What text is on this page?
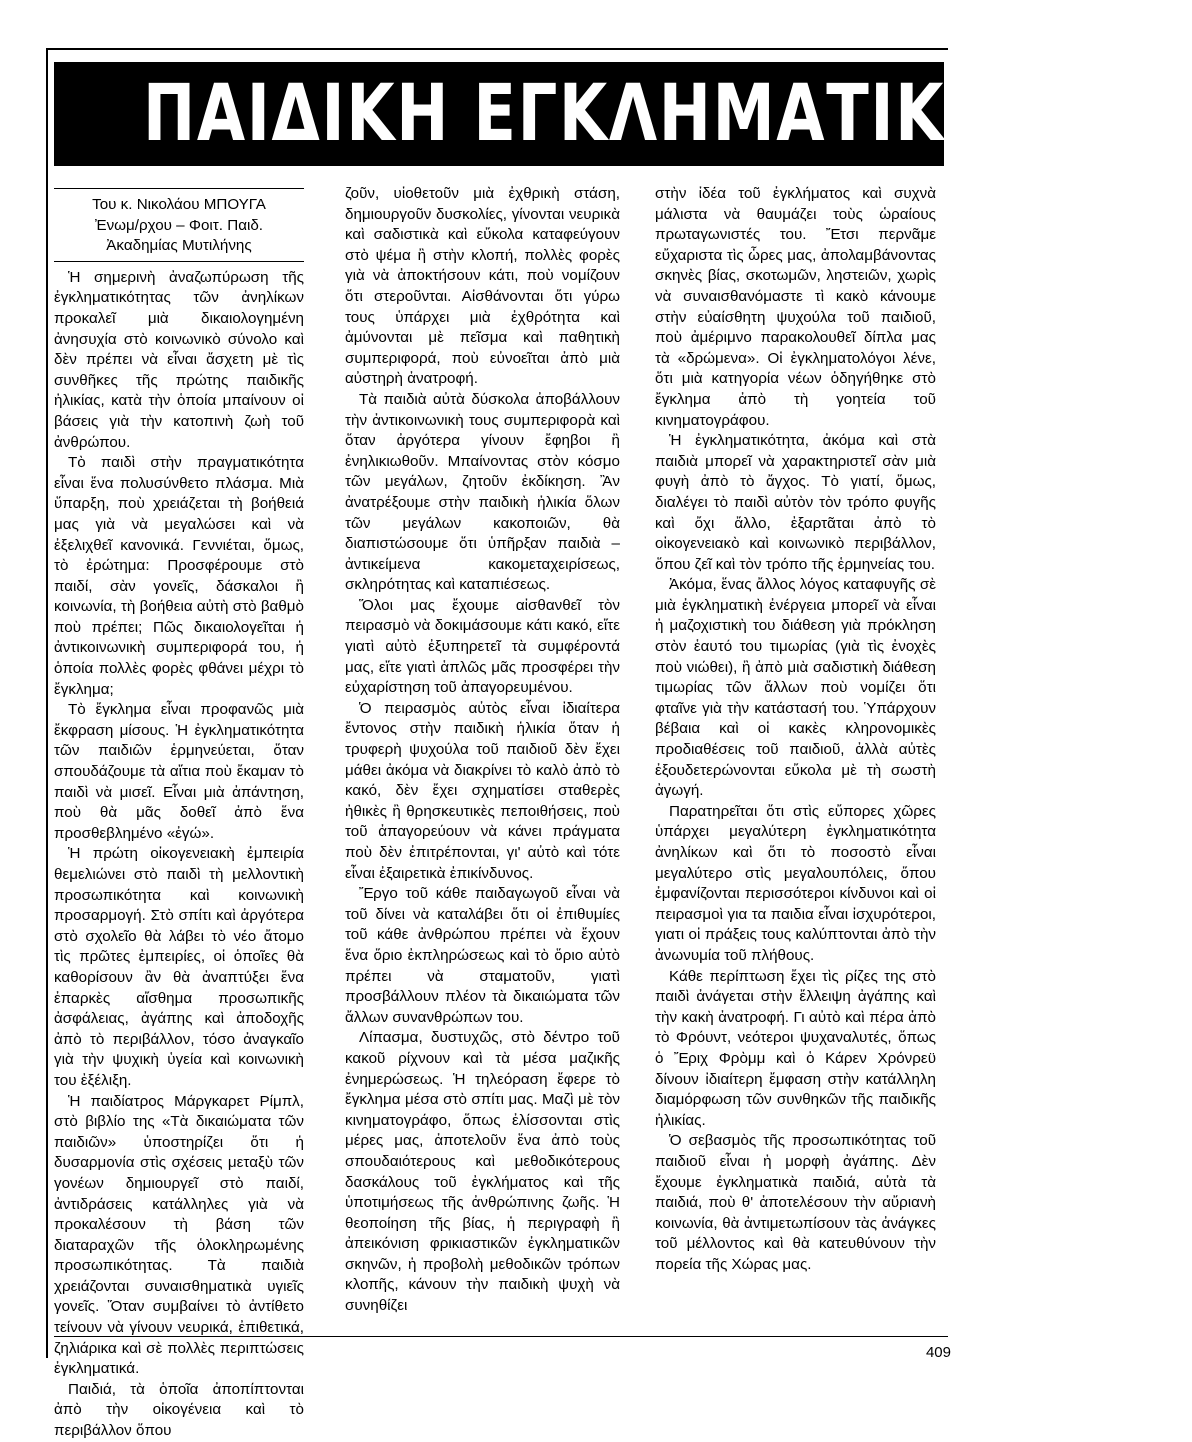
ΠΑΙΔΙΚΗ ΕΓΚΛΗΜΑΤΙΚΟΤΗΤΑ

Του κ. Νικολάου ΜΠΟΥΓΑ

Ἐνωμ/ρχου – Φοιτ. Παιδ.

Ἀκαδημίας Μυτιλήνης

Ἡ σημερινὴ ἀναζωπύρωση τῆς ἐγκληματικότητας τῶν ἀνηλίκων προκαλεῖ μιὰ δικαιολογημένη ἀνησυχία στὸ κοινωνικὸ σύνολο καὶ δὲν πρέπει νὰ εἶναι ἄσχετη μὲ τὶς συνθῆκες τῆς πρώτης παιδικῆς ἡλικίας, κατὰ τὴν ὁποία μπαίνουν οἱ βάσεις γιὰ τὴν κατοπινὴ ζωὴ τοῦ ἀνθρώπου.

Τὸ παιδὶ στὴν πραγματικότητα εἶναι ἕνα πολυσύνθετο πλάσμα. Μιὰ ὕπαρξη, ποὺ χρειάζεται τὴ βοήθειά μας γιὰ νὰ μεγαλώσει καὶ νὰ ἐξελιχθεῖ κανονικά. Γεννιέται, ὅμως, τὸ ἐρώτημα: Προσφέρουμε στὸ παιδί, σὰν γονεῖς, δάσκαλοι ἢ κοινωνία, τὴ βοήθεια αὐτὴ στὸ βαθμὸ ποὺ πρέπει; Πῶς δικαιολογεῖται ἡ ἀντικοινωνικὴ συμπεριφορά του, ἡ ὁποία πολλὲς φορὲς φθάνει μέχρι τὸ ἔγκλημα;

Τὸ ἔγκλημα εἶναι προφανῶς μιὰ ἔκφραση μίσους. Ἡ ἐγκληματικότητα τῶν παιδιῶν ἑρμηνεύεται, ὅταν σπουδάζουμε τὰ αἴτια ποὺ ἔκαμαν τὸ παιδὶ νὰ μισεῖ. Εἶναι μιὰ ἀπάντηση, ποὺ θὰ μᾶς δοθεῖ ἀπὸ ἕνα προσθεβλημένο «ἐγώ».

Ἡ πρώτη οἰκογενειακὴ ἐμπειρία θεμελιώνει στὸ παιδὶ τὴ μελλοντικὴ προσωπικότητα καὶ κοινωνικὴ προσαρμογή. Στὸ σπίτι καὶ ἀργότερα στὸ σχολεῖο θὰ λάβει τὸ νέο ἄτομο τὶς πρῶτες ἐμπειρίες, οἱ ὁποῖες θὰ καθορίσουν ἂν θὰ ἀναπτύξει ἕνα ἐπαρκὲς αἴσθημα προσωπικῆς ἀσφάλειας, ἀγάπης καὶ ἀποδοχῆς ἀπὸ τὸ περιβάλλον, τόσο ἀναγκαῖο γιὰ τὴν ψυχικὴ ὑγεία καὶ κοινωνικὴ του ἐξέλιξη.

Ἡ παιδίατρος Μάργκαρετ Ρίμπλ, στὸ βιβλίο της «Τὰ δικαιώματα τῶν παιδιῶν» ὑποστηρίζει ὅτι ἡ δυσαρμονία στὶς σχέσεις μεταξὺ τῶν γονέων δημιουργεῖ στὸ παιδί, ἀντιδράσεις κατάλληλες γιὰ νὰ προκαλέσουν τὴ βάση τῶν διαταραχῶν τῆς ὁλοκληρωμένης προσωπικότητας. Τὰ παιδιὰ χρειάζονται συναισθηματικὰ υγιεῖς γονεῖς. Ὅταν συμβαίνει τὸ ἀντίθετο τείνουν νὰ γίνουν νευρικά, ἐπιθετικά, ζηλιάρικα καὶ σὲ πολλὲς περιπτώσεις ἐγκληματικά.

Παιδιά, τὰ ὁποῖα ἀποπίπτονται ἀπὸ τὴν οἰκογένεια καὶ τὸ περιβάλλον ὅπου

ζοῦν, υἱοθετοῦν μιὰ ἐχθρικὴ στάση, δημιουργοῦν δυσκολίες, γίνονται νευρικὰ καὶ σαδιστικὰ καὶ εὔκολα καταφεύγουν στὸ ψέμα ἢ στὴν κλοπή, πολλὲς φορὲς γιὰ νὰ ἀποκτήσουν κάτι, ποὺ νομίζουν ὅτι στεροῦνται. Αἰσθάνονται ὅτι γύρω τους ὑπάρχει μιὰ ἐχθρότητα καὶ ἀμύνονται μὲ πεῖσμα καὶ παθητικὴ συμπεριφορά, ποὺ εὐνοεῖται ἀπὸ μιὰ αὐστηρὴ ἀνατροφή.

Τὰ παιδιὰ αὐτὰ δύσκολα ἀποβάλλουν τὴν ἀντικοινωνικὴ τους συμπεριφορὰ καὶ ὅταν ἀργότερα γίνουν ἔφηβοι ἢ ἐνηλικιωθοῦν. Μπαίνοντας στὸν κόσμο τῶν μεγάλων, ζητοῦν ἐκδίκηση. Ἂν ἀνατρέξουμε στὴν παιδικὴ ἡλικία ὅλων τῶν μεγάλων κακοποιῶν, θὰ διαπιστώσουμε ὅτι ὑπῆρξαν παιδιὰ – ἀντικείμενα κακομεταχειρίσεως, σκληρότητας καὶ καταπιέσεως.

Ὅλοι μας ἔχουμε αἰσθανθεῖ τὸν πειρασμὸ νὰ δοκιμάσουμε κάτι κακό, εἴτε γιατὶ αὐτὸ ἐξυπηρετεῖ τὰ συμφέροντά μας, εἴτε γιατὶ ἁπλῶς μᾶς προσφέρει τὴν εὐχαρίστηση τοῦ ἀπαγορευμένου.

Ὁ πειρασμὸς αὐτὸς εἶναι ἰδιαίτερα ἔντονος στὴν παιδικὴ ἡλικία ὅταν ἡ τρυφερὴ ψυχούλα τοῦ παιδιοῦ δὲν ἔχει μάθει ἀκόμα νὰ διακρίνει τὸ καλὸ ἀπὸ τὸ κακό, δὲν ἔχει σχηματίσει σταθερὲς ἠθικὲς ἢ θρησκευτικὲς πεποιθήσεις, ποὺ τοῦ ἀπαγορεύουν νὰ κάνει πράγματα ποὺ δὲν ἐπιτρέπονται, γι' αὐτὸ καὶ τότε εἶναι ἐξαιρετικὰ ἐπικίνδυνος.

Ἔργο τοῦ κάθε παιδαγωγοῦ εἶναι νὰ τοῦ δίνει νὰ καταλάβει ὅτι οἱ ἐπιθυμίες τοῦ κάθε ἀνθρώπου πρέπει νὰ ἔχουν ἕνα ὅριο ἐκπληρώσεως καὶ τὸ ὅριο αὐτὸ πρέπει νὰ σταματοῦν, γιατὶ προσβάλλουν πλέον τὰ δικαιώματα τῶν ἄλλων συνανθρώπων του.

Λίπασμα, δυστυχῶς, στὸ δέντρο τοῦ κακοῦ ρίχνουν καὶ τὰ μέσα μαζικῆς ἐνημερώσεως. Ἡ τηλεόραση ἔφερε τὸ ἔγκλημα μέσα στὸ σπίτι μας. Μαζὶ μὲ τὸν κινηματογράφο, ὅπως ἐλίσσονται στὶς μέρες μας, ἀποτελοῦν ἕνα ἀπὸ τοὺς σπουδαιότερους καὶ μεθοδικότερους δασκάλους τοῦ ἐγκλήματος καὶ τῆς ὑποτιμήσεως τῆς ἀνθρώπινης ζωῆς. Ἡ θεοποίηση τῆς βίας, ἡ περιγραφὴ ἢ ἀπεικόνιση φρικιαστικῶν ἐγκληματικῶν σκηνῶν, ἡ προβολὴ μεθοδικῶν τρόπων κλοπῆς, κάνουν τὴν παιδικὴ ψυχὴ νὰ συνηθίζει

στὴν ἰδέα τοῦ ἐγκλήματος καὶ συχνὰ μάλιστα νὰ θαυμάζει τοὺς ὡραίους πρωταγωνιστές του. Ἔτσι περνᾶμε εὔχαριστα τὶς ὧρες μας, ἀπολαμβάνοντας σκηνὲς βίας, σκοτωμῶν, ληστειῶν, χωρὶς νὰ συναισθανόμαστε τὶ κακὸ κάνουμε στὴν εὐαίσθητη ψυχούλα τοῦ παιδιοῦ, ποὺ ἀμέριμνο παρακολουθεῖ δίπλα μας τὰ «δρώμενα». Οἱ ἐγκληματολόγοι λένε, ὅτι μιὰ κατηγορία νέων ὁδηγήθηκε στὸ ἔγκλημα ἀπὸ τὴ γοητεία τοῦ κινηματογράφου.

Ἡ ἐγκληματικότητα, ἀκόμα καὶ στὰ παιδιὰ μπορεῖ νὰ χαρακτηριστεῖ σὰν μιὰ φυγὴ ἀπὸ τὸ ἄγχος. Τὸ γιατί, ὅμως, διαλέγει τὸ παιδὶ αὐτὸν τὸν τρόπο φυγῆς καὶ ὄχι ἄλλο, ἐξαρτᾶται ἀπὸ τὸ οἰκογενειακὸ καὶ κοινωνικὸ περιβάλλον, ὅπου ζεῖ καὶ τὸν τρόπο τῆς ἑρμηνείας του.

Ἀκόμα, ἕνας ἄλλος λόγος καταφυγῆς σὲ μιὰ ἐγκληματικὴ ἐνέργεια μπορεῖ νὰ εἶναι ἡ μαζοχιστικὴ του διάθεση γιὰ πρόκληση στὸν ἑαυτό του τιμωρίας (γιὰ τὶς ἐνοχὲς ποὺ νιώθει), ἢ ἀπὸ μιὰ σαδιστικὴ διάθεση τιμωρίας τῶν ἄλλων ποὺ νομίζει ὅτι φταῖνε γιὰ τὴν κατάστασή του. Ὑπάρχουν βέβαια καὶ οἱ κακὲς κληρονομικὲς προδιαθέσεις τοῦ παιδιοῦ, ἀλλὰ αὐτὲς ἐξουδετερώνονται εὔκολα μὲ τὴ σωστὴ ἀγωγή.

Παρατηρεῖται ὅτι στὶς εὔπορες χῶρες ὑπάρχει μεγαλύτερη ἐγκληματικότητα ἀνηλίκων καὶ ὅτι τὸ ποσοστὸ εἶναι μεγαλύτερο στὶς μεγαλουπόλεις, ὅπου ἐμφανίζονται περισσότεροι κίνδυνοι καὶ οἱ πειρασμοὶ για τα παιδια εἶναι ἰσχυρότεροι, γιατι οἱ πράξεις τους καλύπτονται ἀπὸ τὴν ἀνωνυμία τοῦ πλήθους.

Κάθε περίπτωση ἔχει τὶς ρίζες της στὸ παιδὶ ἀνάγεται στὴν ἔλλειψη ἀγάπης καὶ τὴν κακὴ ἀνατροφή. Γι αὐτὸ καὶ πέρα ἀπὸ τὸ Φρόυντ, νεότεροι ψυχαναλυτές, ὅπως ὁ Ἔριχ Φρὸμμ καὶ ὁ Κάρεν Χρόνρεϋ δίνουν ἰδιαίτερη ἔμφαση στὴν κατάλληλη διαμόρφωση τῶν συνθηκῶν τῆς παιδικῆς ἡλικίας.

Ὁ σεβασμὸς τῆς προσωπικότητας τοῦ παιδιοῦ εἶναι ἡ μορφὴ ἀγάπης. Δὲν ἔχουμε ἐγκληματικὰ παιδιά, αὐτὰ τὰ παιδιά, ποὺ θ' ἀποτελέσουν τὴν αὔριανὴ κοινωνία, θὰ ἀντιμετωπίσουν τὰς ἀνάγκες τοῦ μέλλοντος καὶ θὰ κατευθύνουν τὴν πορεία τῆς Χώρας μας.

409
